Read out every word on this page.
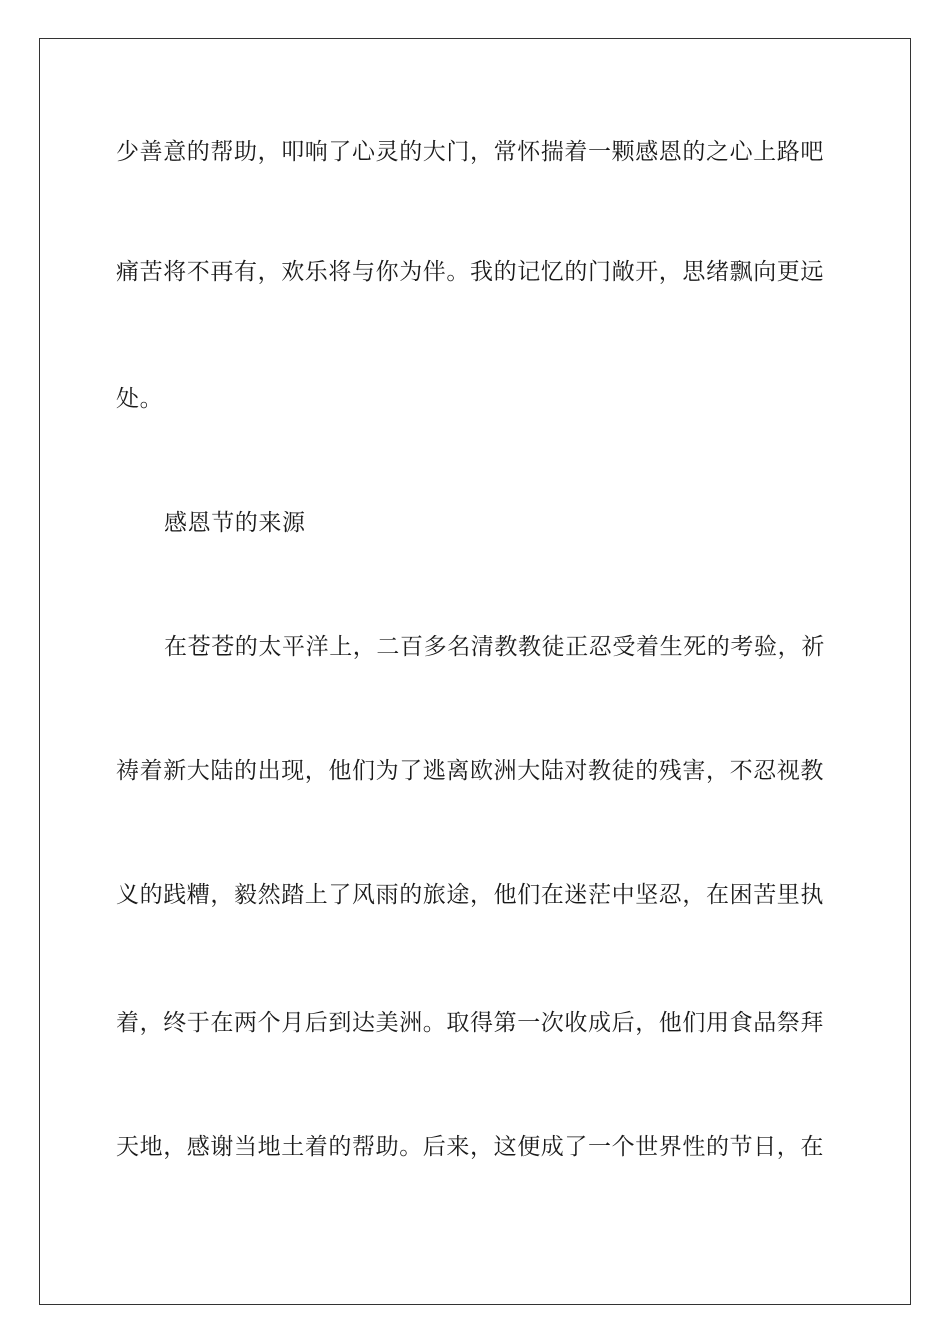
少善意的帮助，叩响了心灵的大门，常怀揣着一颗感恩的之心上路吧
痛苦将不再有，欢乐将与你为伴。我的记忆的门敞开，思绪飘向更远
处。
感恩节的来源
在苍苍的太平洋上，二百多名清教教徒正忍受着生死的考验，祈
祷着新大陆的出现，他们为了逃离欧洲大陆对教徒的残害，不忍视教
义的践糟，毅然踏上了风雨的旅途，他们在迷茫中坚忍，在困苦里执
着，终于在两个月后到达美洲。取得第一次收成后，他们用食品祭拜
天地，感谢当地土着的帮助。后来，这便成了一个世界性的节日，在
